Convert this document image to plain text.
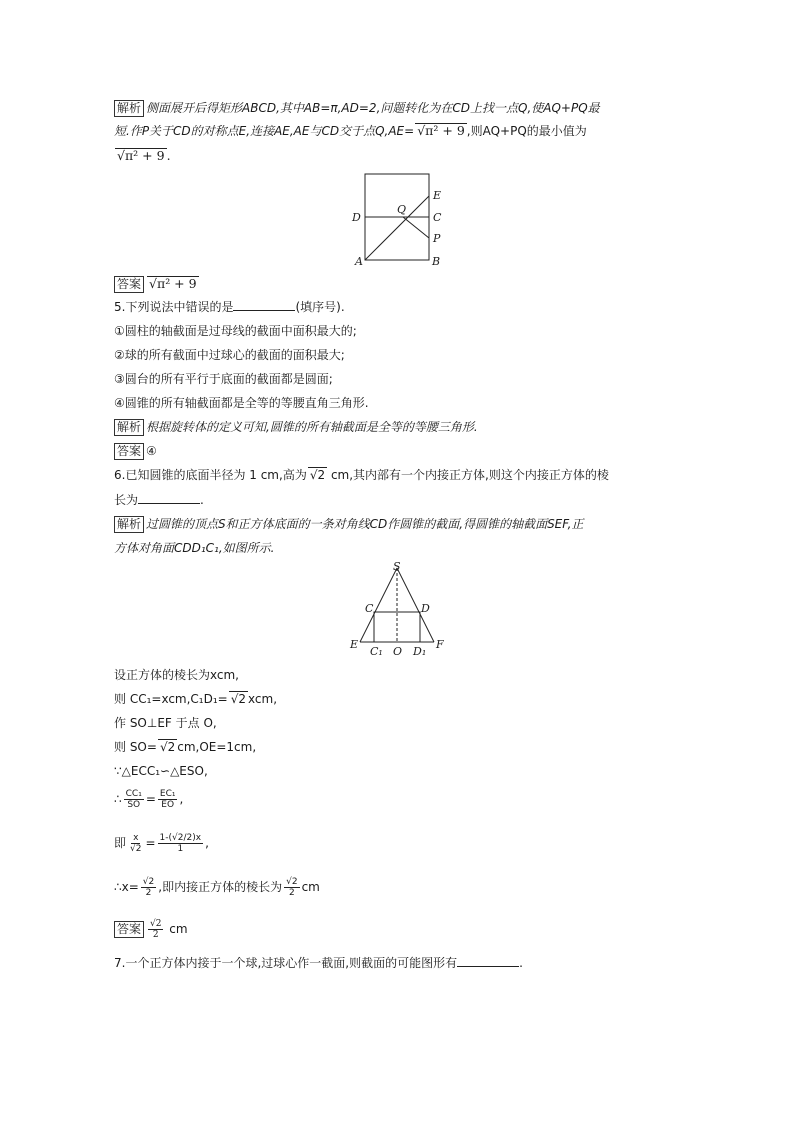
解析 侧面展开后得矩形ABCD,其中AB=π,AD=2,问题转化为在CD上找一点Q,使AQ+PQ最
短.作P关于CD的对称点E,连接AE,AE与CD交于点Q,AE= √π² + 9 ,则AQ+PQ的最小值为
√π² + 9 .
D
A	B
C
E
P
Q
答案 √π² + 9
5.下列说法中错误的是	(填序号).
①圆柱的轴截面是过母线的截面中面积最大的;
②球的所有截面中过球心的截面的面积最大;
③圆台的所有平行于底面的截面都是圆面;
④圆锥的所有轴截面都是全等的等腰直角三角形.
解析 根据旋转体的定义可知,圆锥的所有轴截面是全等的等腰三角形.
答案 ④
6.已知圆锥的底面半径为 1 cm,高为 √2 cm,其内部有一个内接正方体,则这个内接正方体的棱
长为	.
解析 过圆锥的顶点S和正方体底面的一条对角线CD作圆锥的截面,得圆锥的轴截面SEF,正
方体对角面CDD₁C₁,如图所示.
S
C	D
E	F
C₁ O D₁
设正方体的棱长为xcm,
则 CC₁=xcm,C₁D₁= √2 xcm,
作 SO⊥EF 于点 O,
则 SO= √2 cm,OE=1cm,
∵△ECC₁∽△ESO,
∴ $\frac{\text{CC₁}}{SO} = \frac{\text{EC₁}}{EO}$ ,
即 $\frac{x}{√2} = \frac{1-(√2/2)x}{1}$ ,
∴x= $\frac{√2}{2}$ ,即内接正方体的棱长为 $\frac{√2}{2}$ cm
答案 $\frac{√2}{2}$ cm
7.一个正方体内接于一个球,过球心作一截面,则截面的可能图形有	.
